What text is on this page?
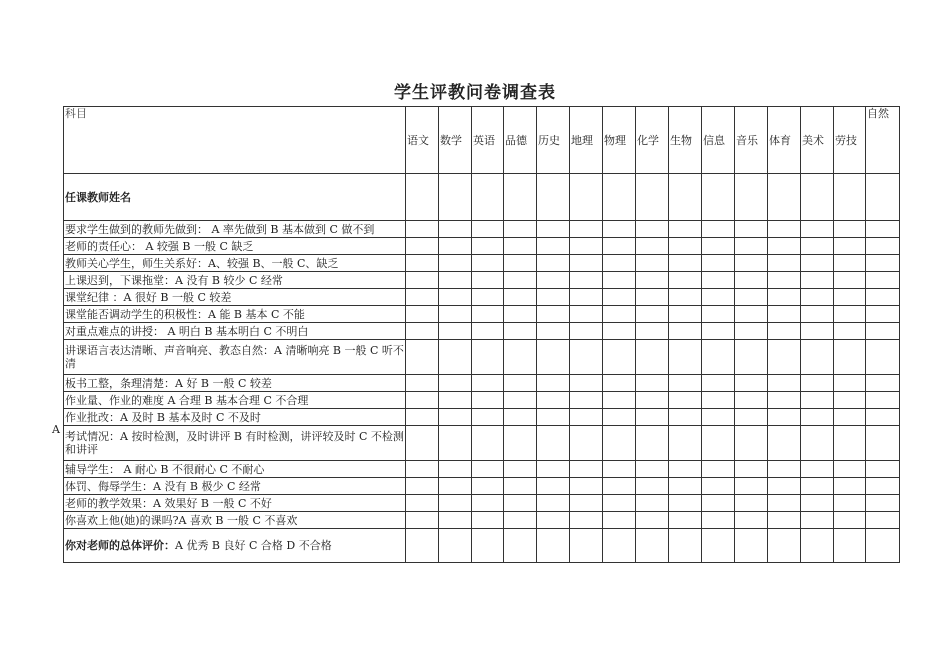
学生评教问卷调查表
A
科目	语文	数学	英语	品德	历史	地理	物理	化学	生物	信息	音乐	体育	美术	劳技	自然
任课教师姓名															
要求学生做到的教师先做到： A 率先做到 B 基本做到 C 做不到															
老师的责任心： A 较强 B 一般 C 缺乏															
教师关心学生，师生关系好：A、较强 B、一般 C、缺乏															
上课迟到，下课拖堂：A 没有 B 较少 C 经常															
课堂纪律 ：A 很好 B 一般 C 较差															
课堂能否调动学生的积极性：A 能 B 基本 C 不能															
对重点难点的讲授： A 明白 B 基本明白 C 不明白															
讲课语言表达清晰、声音响亮、教态自然：A 清晰响亮 B 一般 C 听不清															
板书工整，条理清楚：A 好 B 一般 C 较差															
作业量、作业的难度 A 合理 B 基本合理 C 不合理															
作业批改：A 及时 B 基本及时 C 不及时															
考试情况：A 按时检测，及时讲评 B 有时检测，讲评较及时 C 不检测和讲评															
辅导学生： A 耐心 B 不很耐心 C 不耐心															
体罚、侮辱学生：A 没有 B 极少 C 经常															
老师的教学效果：A 效果好 B 一般 C 不好															
你喜欢上他(她)的课吗?A 喜欢 B 一般 C 不喜欢															
你对老师的总体评价：A 优秀 B 良好 C 合格 D 不合格															
